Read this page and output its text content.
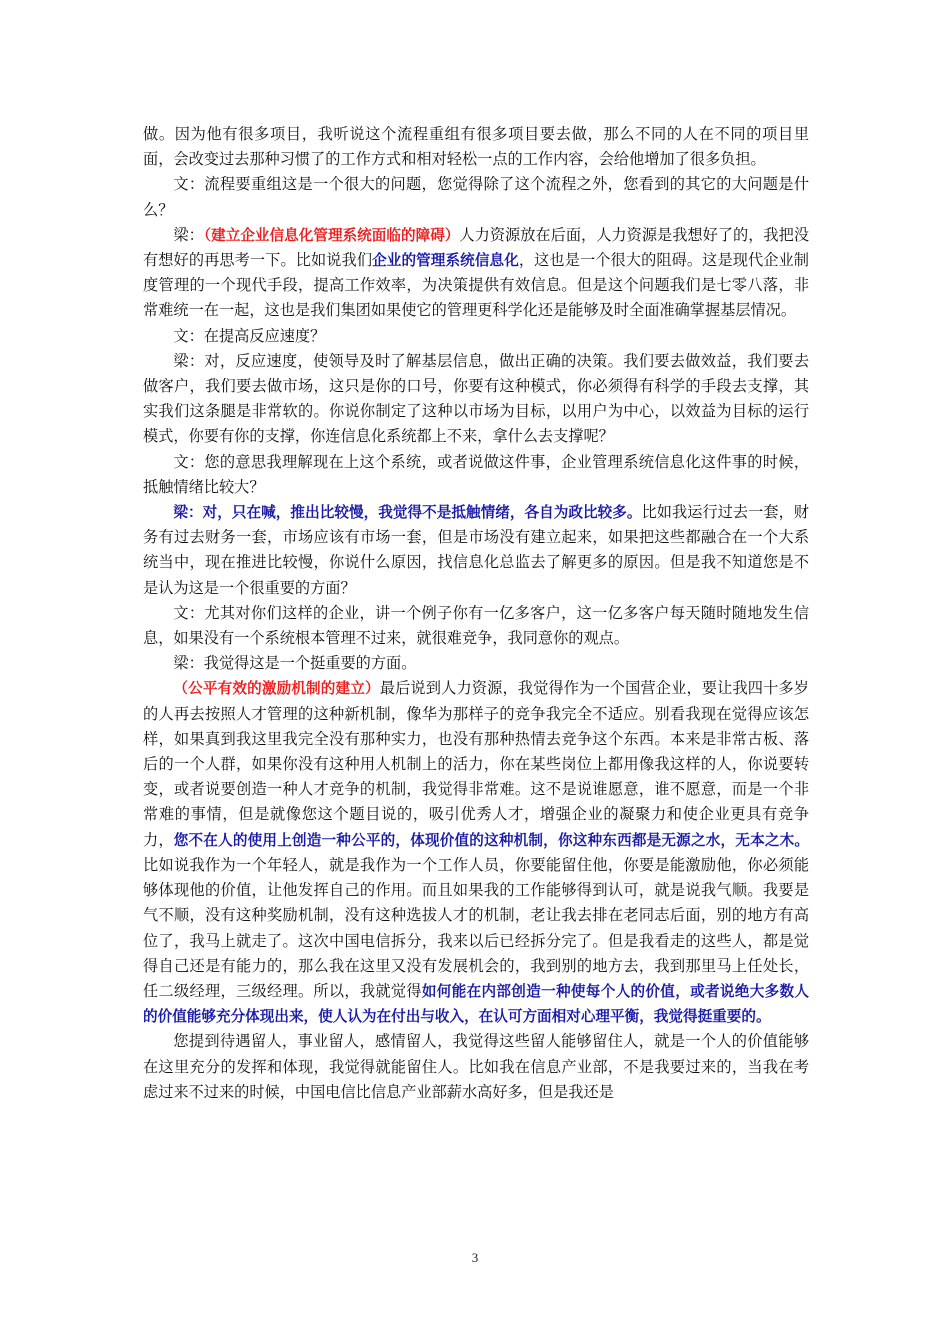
做。因为他有很多项目，我听说这个流程重组有很多项目要去做，那么不同的人在不同的项目里面，会改变过去那种习惯了的工作方式和相对轻松一点的工作内容，会给他增加了很多负担。

文：流程要重组这是一个很大的问题，您觉得除了这个流程之外，您看到的其它的大问题是什么？

梁：（建立企业信息化管理系统面临的障碍）人力资源放在后面，人力资源是我想好了的，我把没有想好的再思考一下。比如说我们企业的管理系统信息化，这也是一个很大的阻碍。这是现代企业制度管理的一个现代手段，提高工作效率，为决策提供有效信息。但是这个问题我们是七零八落，非常难统一在一起，这也是我们集团如果使它的管理更科学化还是能够及时全面准确掌握基层情况。

文：在提高反应速度？

梁：对，反应速度，使领导及时了解基层信息，做出正确的决策。我们要去做效益，我们要去做客户，我们要去做市场，这只是你的口号，你要有这种模式，你必须得有科学的手段去支撑，其实我们这条腿是非常软的。你说你制定了这种以市场为目标，以用户为中心，以效益为目标的运行模式，你要有你的支撑，你连信息化系统都上不来，拿什么去支撑呢？

文：您的意思我理解现在上这个系统，或者说做这件事，企业管理系统信息化这件事的时候，抵触情绪比较大？

梁：对，只在喊，推出比较慢，我觉得不是抵触情绪，各自为政比较多。比如我运行过去一套，财务有过去财务一套，市场应该有市场一套，但是市场没有建立起来，如果把这些都融合在一个大系统当中，现在推进比较慢，你说什么原因，找信息化总监去了解更多的原因。但是我不知道您是不是认为这是一个很重要的方面？

文：尤其对你们这样的企业，讲一个例子你有一亿多客户，这一亿多客户每天随时随地发生信息，如果没有一个系统根本管理不过来，就很难竞争，我同意你的观点。

梁：我觉得这是一个挺重要的方面。

（公平有效的激励机制的建立）最后说到人力资源，我觉得作为一个国营企业，要让我四十多岁的人再去按照人才管理的这种新机制，像华为那样子的竞争我完全不适应。别看我现在觉得应该怎样，如果真到我这里我完全没有那种实力，也没有那种热情去竞争这个东西。本来是非常古板、落后的一个人群，如果你没有这种用人机制上的活力，你在某些岗位上都用像我这样的人，你说要转变，或者说要创造一种人才竞争的机制，我觉得非常难。这不是说谁愿意，谁不愿意，而是一个非常难的事情，但是就像您这个题目说的，吸引优秀人才，增强企业的凝聚力和使企业更具有竞争力，您不在人的使用上创造一种公平的，体现价值的这种机制，你这种东西都是无源之水，无本之木。比如说我作为一个年轻人，就是我作为一个工作人员，你要能留住他，你要是能激励他，你必须能够体现他的价值，让他发挥自己的作用。而且如果我的工作能够得到认可，就是说我气顺。我要是气不顺，没有这种奖励机制，没有这种选拔人才的机制，老让我去排在老同志后面，别的地方有高位了，我马上就走了。这次中国电信拆分，我来以后已经拆分完了。但是我看走的这些人，都是觉得自己还是有能力的，那么我在这里又没有发展机会的，我到别的地方去，我到那里马上任处长，任二级经理，三级经理。所以，我就觉得如何能在内部创造一种使每个人的价值，或者说绝大多数人的价值能够充分体现出来，使人认为在付出与收入，在认可方面相对心理平衡，我觉得挺重要的。

您提到待遇留人，事业留人，感情留人，我觉得这些留人能够留住人，就是一个人的价值能够在这里充分的发挥和体现，我觉得就能留住人。比如我在信息产业部，不是我要过来的，当我在考虑过来不过来的时候，中国电信比信息产业部薪水高好多，但是我还是

3
